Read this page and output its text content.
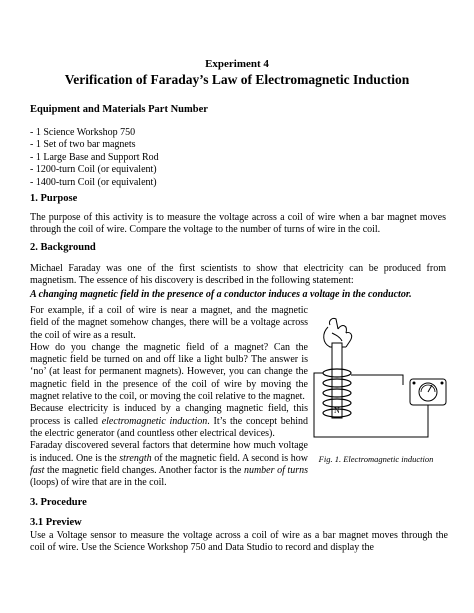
Experiment 4
Verification of Faraday’s Law of Electromagnetic Induction
Equipment and Materials Part Number
- 1 Science Workshop 750
- 1 Set of two bar magnets
- 1 Large Base and Support Rod
- 1200-turn Coil (or equivalent)
- 1400-turn Coil (or equivalent)
1. Purpose
The purpose of this activity is to measure the voltage across a coil of wire when a bar magnet moves through the coil of wire. Compare the voltage to the number of turns of wire in the coil.
2. Background
Michael Faraday was one of the first scientists to show that electricity can be produced from magnetism. The essence of his discovery is described in the following statement:
A changing magnetic field in the presence of a conductor induces a voltage in the conductor.

For example, if a coil of wire is near a magnet, and the magnetic field of the magnet somehow changes, there will be a voltage across the coil of wire as a result.

How do you change the magnetic field of a magnet? Can the magnetic field be turned on and off like a light bulb? The answer is ‘no’ (at least for permanent magnets). However, you can change the magnetic field in the presence of the coil of wire by moving the magnet relative to the coil, or moving the coil relative to the magnet.

Because electricity is induced by a changing magnetic field, this process is called electromagnetic induction. It’s the concept behind the electric generator (and countless other electrical devices).

Faraday discovered several factors that determine how much voltage is induced. One is the strength of the magnetic field. A second is how fast the magnetic field changes. Another factor is the number of turns (loops) of wire that are in the coil.

N
Fig. 1. Electromagnetic induction
3. Procedure
3.1 Preview
Use a Voltage sensor to measure the voltage across a coil of wire as a bar magnet moves through the coil of wire. Use the Science Workshop 750 and Data Studio to record and display the
